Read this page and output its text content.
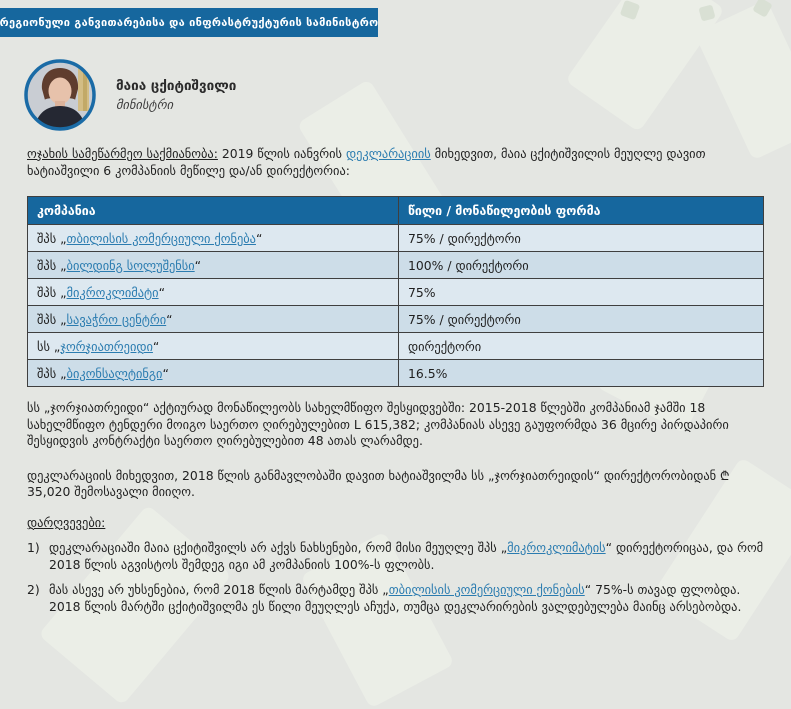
რეგიონული განვითარებისა და ინფრასტრუქტურის სამინისტრო
მაია ცქიტიშვილი
მინისტრი

ოჯახის სამეწარმეო საქმიანობა: 2019 წლის იანვრის დეკლარაციის მიხედვით, მაია ცქიტიშვილის მეუღლე დავით ხატიაშვილი 6 კომპანიის მეწილე და/ან დირექტორია:

კომპანია	წილი / მონაწილეობის ფორმა
შპს „თბილისის კომერციული ქონება“	75% / დირექტორი
შპს „ბილდინგ სოლუშენსი“	100% / დირექტორი
შპს „მიკროკლიმატი“	75%
შპს „სავაჭრო ცენტრი“	75% / დირექტორი
სს „ჯორჯიათრეიდი“	დირექტორი
შპს „ბიკონსალტინგი“	16.5%

სს „ჯორჯიათრეიდი“ აქტიურად მონაწილეობს სახელმწიფო შესყიდვებში: 2015-2018 წლებში კომპანიამ ჯამში 18 სახელმწიფო ტენდერი მოიგო საერთო ღირებულებით L 615,382; კომპანიას ასევე გაუფორმდა 36 მცირე პირდაპირი შესყიდვის კონტრაქტი საერთო ღირებულებით 48 ათას ლარამდე.

დეკლარაციის მიხედვით, 2018 წლის განმავლობაში დავით ხატიაშვილმა სს „ჯორჯიათრეიდის“ დირექტორობიდან ₾ 35,020 შემოსავალი მიიღო.

დარღვევები:

1) დეკლარაციაში მაია ცქიტიშვილს არ აქვს ნახსენები, რომ მისი მეუღლე შპს „მიკროკლიმატის“ დირექტორიცაა, და რომ 2018 წლის აგვისტოს შემდეგ იგი ამ კომპანიის 100%-ს ფლობს.
2) მას ასევე არ უხსენებია, რომ 2018 წლის მარტამდე შპს „თბილისის კომერციული ქონების“ 75%-ს თავად ფლობდა. 2018 წლის მარტში ცქიტიშვილმა ეს წილი მეუღლეს აჩუქა, თუმცა დეკლარირების ვალდებულება მაინც არსებობდა.
